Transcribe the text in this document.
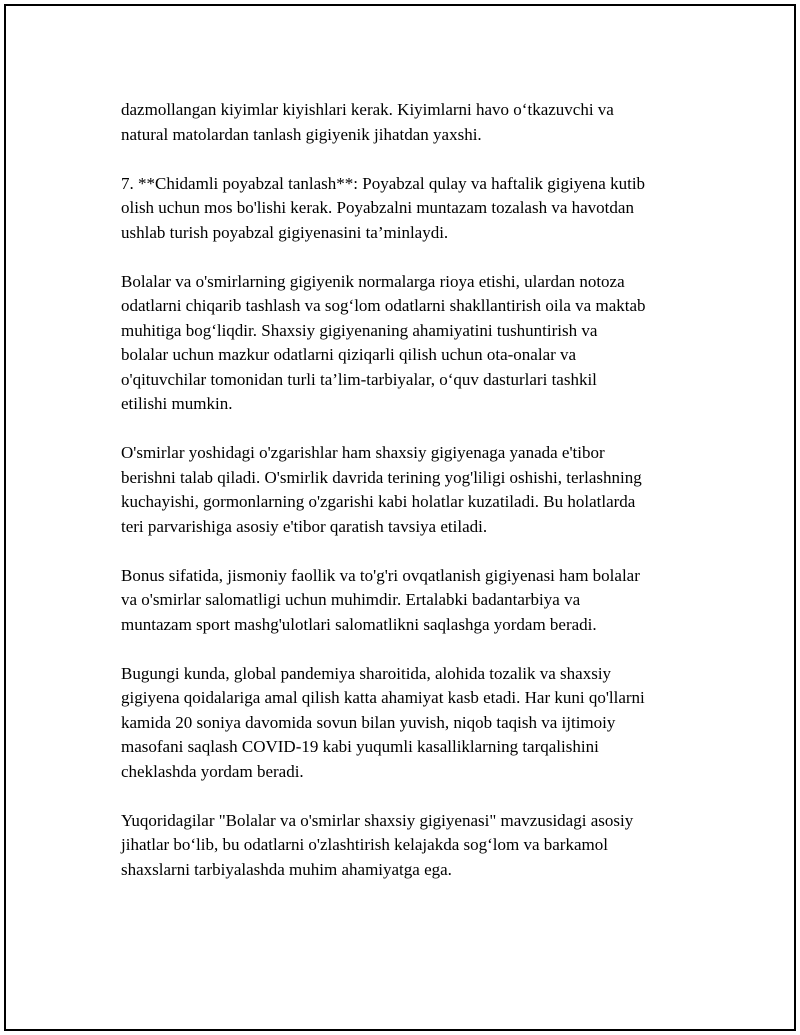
dazmollangan kiyimlar kiyishlari kerak. Kiyimlarni havo o‘tkazuvchi va
natural matolardan tanlash gigiyenik jihatdan yaxshi.

7. **Chidamli poyabzal tanlash**: Poyabzal qulay va haftalik gigiyena kutib
olish uchun mos bo'lishi kerak. Poyabzalni muntazam tozalash va havotdan
ushlab turish poyabzal gigiyenasini ta’minlaydi.

Bolalar va o'smirlarning gigiyenik normalarga rioya etishi, ulardan notoza
odatlarni chiqarib tashlash va sog‘lom odatlarni shakllantirish oila va maktab
muhitiga bog‘liqdir. Shaxsiy gigiyenaning ahamiyatini tushuntirish va
bolalar uchun mazkur odatlarni qiziqarli qilish uchun ota-onalar va
o'qituvchilar tomonidan turli ta’lim-tarbiyalar, o‘quv dasturlari tashkil
etilishi mumkin.

O'smirlar yoshidagi o'zgarishlar ham shaxsiy gigiyenaga yanada e'tibor
berishni talab qiladi. O'smirlik davrida terining yog'liligi oshishi, terlashning
kuchayishi, gormonlarning o'zgarishi kabi holatlar kuzatiladi. Bu holatlarda
teri parvarishiga asosiy e'tibor qaratish tavsiya etiladi.

Bonus sifatida, jismoniy faollik va to'g'ri ovqatlanish gigiyenasi ham bolalar
va o'smirlar salomatligi uchun muhimdir. Ertalabki badantarbiya va
muntazam sport mashg'ulotlari salomatlikni saqlashga yordam beradi.

Bugungi kunda, global pandemiya sharoitida, alohida tozalik va shaxsiy
gigiyena qoidalariga amal qilish katta ahamiyat kasb etadi. Har kuni qo'llarni
kamida 20 soniya davomida sovun bilan yuvish, niqob taqish va ijtimoiy
masofani saqlash COVID-19 kabi yuqumli kasalliklarning tarqalishini
cheklashda yordam beradi.

Yuqoridagilar "Bolalar va o'smirlar shaxsiy gigiyenasi" mavzusidagi asosiy
jihatlar bo‘lib, bu odatlarni o'zlashtirish kelajakda sog‘lom va barkamol
shaxslarni tarbiyalashda muhim ahamiyatga ega.
